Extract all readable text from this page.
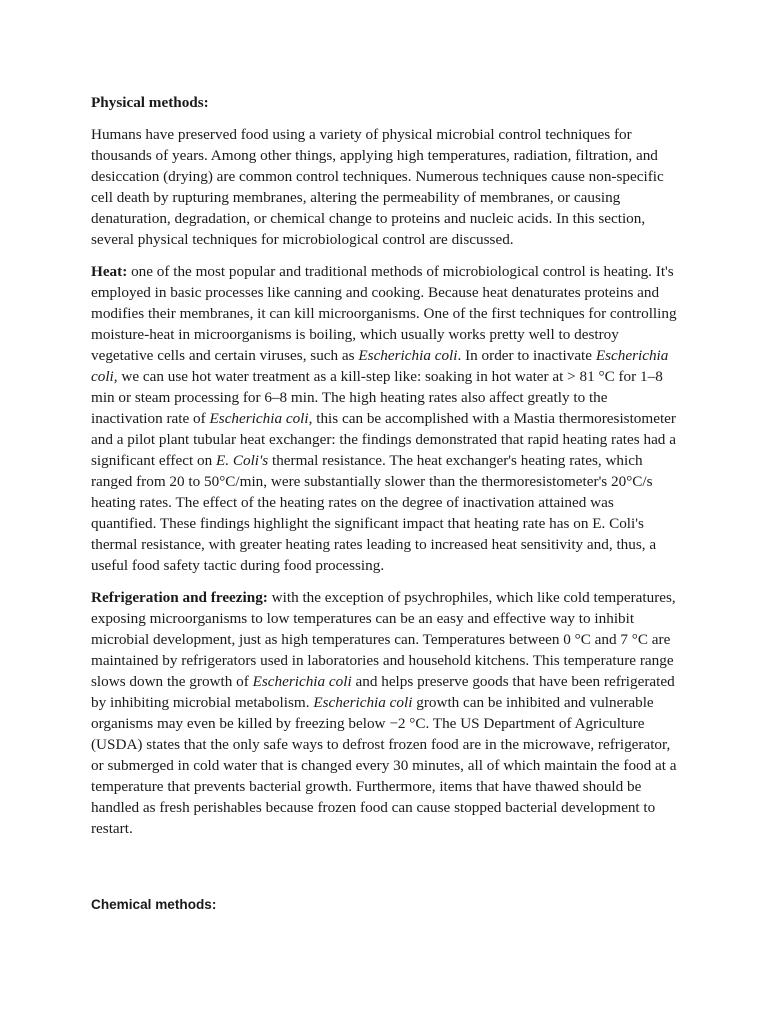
Physical methods:

Humans have preserved food using a variety of physical microbial control techniques for thousands of years. Among other things, applying high temperatures, radiation, filtration, and desiccation (drying) are common control techniques. Numerous techniques cause non-specific cell death by rupturing membranes, altering the permeability of membranes, or causing denaturation, degradation, or chemical change to proteins and nucleic acids. In this section, several physical techniques for microbiological control are discussed.

Heat: one of the most popular and traditional methods of microbiological control is heating. It's employed in basic processes like canning and cooking. Because heat denaturates proteins and modifies their membranes, it can kill microorganisms. One of the first techniques for controlling moisture-heat in microorganisms is boiling, which usually works pretty well to destroy vegetative cells and certain viruses, such as Escherichia coli. In order to inactivate Escherichia coli, we can use hot water treatment as a kill-step like: soaking in hot water at > 81 °C for 1–8 min or steam processing for 6–8 min. The high heating rates also affect greatly to the inactivation rate of Escherichia coli, this can be accomplished with a Mastia thermoresistometer and a pilot plant tubular heat exchanger: the findings demonstrated that rapid heating rates had a significant effect on E. Coli's thermal resistance. The heat exchanger's heating rates, which ranged from 20 to 50°C/min, were substantially slower than the thermoresistometer's 20°C/s heating rates. The effect of the heating rates on the degree of inactivation attained was quantified. These findings highlight the significant impact that heating rate has on E. Coli's thermal resistance, with greater heating rates leading to increased heat sensitivity and, thus, a useful food safety tactic during food processing.

Refrigeration and freezing: with the exception of psychrophiles, which like cold temperatures, exposing microorganisms to low temperatures can be an easy and effective way to inhibit microbial development, just as high temperatures can. Temperatures between 0 °C and 7 °C are maintained by refrigerators used in laboratories and household kitchens. This temperature range slows down the growth of Escherichia coli and helps preserve goods that have been refrigerated by inhibiting microbial metabolism. Escherichia coli growth can be inhibited and vulnerable organisms may even be killed by freezing below −2 °C. The US Department of Agriculture (USDA) states that the only safe ways to defrost frozen food are in the microwave, refrigerator, or submerged in cold water that is changed every 30 minutes, all of which maintain the food at a temperature that prevents bacterial growth. Furthermore, items that have thawed should be handled as fresh perishables because frozen food can cause stopped bacterial development to restart.

Chemical methods:
